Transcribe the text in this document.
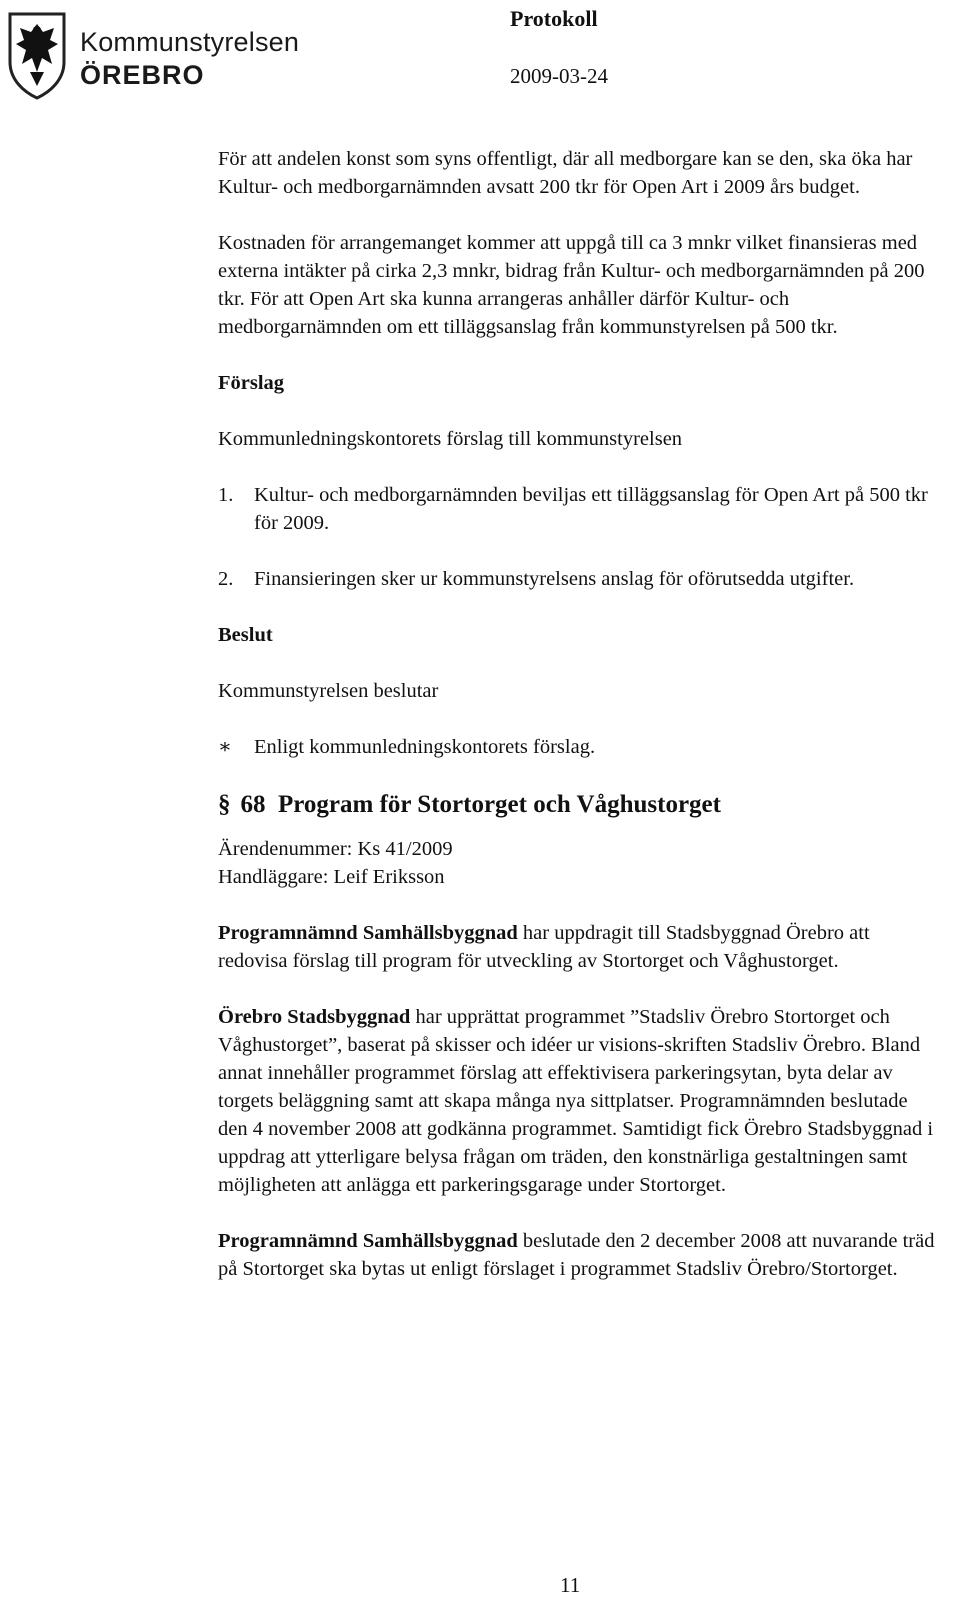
Kommunstyrelsen
ÖREBRO
Protokoll
2009-03-24

För att andelen konst som syns offentligt, där all medborgare kan se den, ska öka har Kultur- och medborgarnämnden avsatt 200 tkr för Open Art i 2009 års budget.

Kostnaden för arrangemanget kommer att uppgå till ca 3 mnkr vilket finansieras med externa intäkter på cirka 2,3 mnkr, bidrag från Kultur- och medborgarnämnden på 200 tkr. För att Open Art ska kunna arrangeras anhåller därför Kultur- och medborgarnämnden om ett tilläggsanslag från kommunstyrelsen på 500 tkr.

Förslag
Kommunledningskontorets förslag till kommunstyrelsen
1. Kultur- och medborgarnämnden beviljas ett tilläggsanslag för Open Art på 500 tkr för 2009.
2. Finansieringen sker ur kommunstyrelsens anslag för oförutsedda utgifter.
Beslut
Kommunstyrelsen beslutar
∗ Enligt kommunledningskontorets förslag.
§ 68 Program för Stortorget och Våghustorget
Ärendenummer: Ks 41/2009
Handläggare: Leif Eriksson

Programnämnd Samhällsbyggnad har uppdragit till Stadsbyggnad Örebro att redovisa förslag till program för utveckling av Stortorget och Våghustorget.

Örebro Stadsbyggnad har upprättat programmet ”Stadsliv Örebro Stortorget och Våghustorget”, baserat på skisser och idéer ur visions-skriften Stadsliv Örebro. Bland annat innehåller programmet förslag att effektivisera parkeringsytan, byta delar av torgets beläggning samt att skapa många nya sittplatser. Programnämnden beslutade den 4 november 2008 att godkänna programmet. Samtidigt fick Örebro Stadsbyggnad i uppdrag att ytterligare belysa frågan om träden, den konstnärliga gestaltningen samt möjligheten att anlägga ett parkeringsgarage under Stortorget.

Programnämnd Samhällsbyggnad beslutade den 2 december 2008 att nuvarande träd på Stortorget ska bytas ut enligt förslaget i programmet Stadsliv Örebro/Stortorget.

11
